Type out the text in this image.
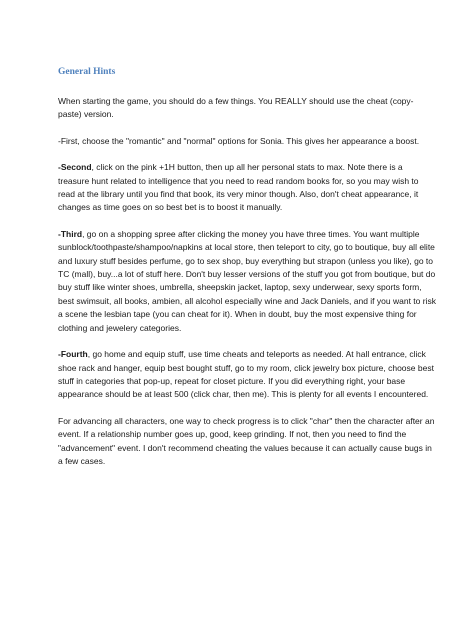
General Hints

When starting the game, you should do a few things. You REALLY should use the cheat (copy-paste) version.

-First, choose the "romantic" and "normal" options for Sonia. This gives her appearance a boost.

-Second, click on the pink +1H button, then up all her personal stats to max. Note there is a treasure hunt related to intelligence that you need to read random books for, so you may wish to read at the library until you find that book, its very minor though. Also, don't cheat appearance, it changes as time goes on so best bet is to boost it manually.

-Third, go on a shopping spree after clicking the money you have three times. You want multiple sunblock/toothpaste/shampoo/napkins at local store, then teleport to city, go to boutique, buy all elite and luxury stuff besides perfume, go to sex shop, buy everything but strapon (unless you like), go to TC (mall), buy...a lot of stuff here. Don't buy lesser versions of the stuff you got from boutique, but do buy stuff like winter shoes, umbrella, sheepskin jacket, laptop, sexy underwear, sexy sports form, best swimsuit, all books, ambien, all alcohol especially wine and Jack Daniels, and if you want to risk a scene the lesbian tape (you can cheat for it). When in doubt, buy the most expensive thing for clothing and jewelery categories.

-Fourth, go home and equip stuff, use time cheats and teleports as needed. At hall entrance, click shoe rack and hanger, equip best bought stuff, go to my room, click jewelry box picture, choose best stuff in categories that pop-up, repeat for closet picture. If you did everything right, your base appearance should be at least 500 (click char, then me). This is plenty for all events I encountered.

For advancing all characters, one way to check progress is to click "char" then the character after an event. If a relationship number goes up, good, keep grinding. If not, then you need to find the "advancement" event. I don't recommend cheating the values because it can actually cause bugs in a few cases.
